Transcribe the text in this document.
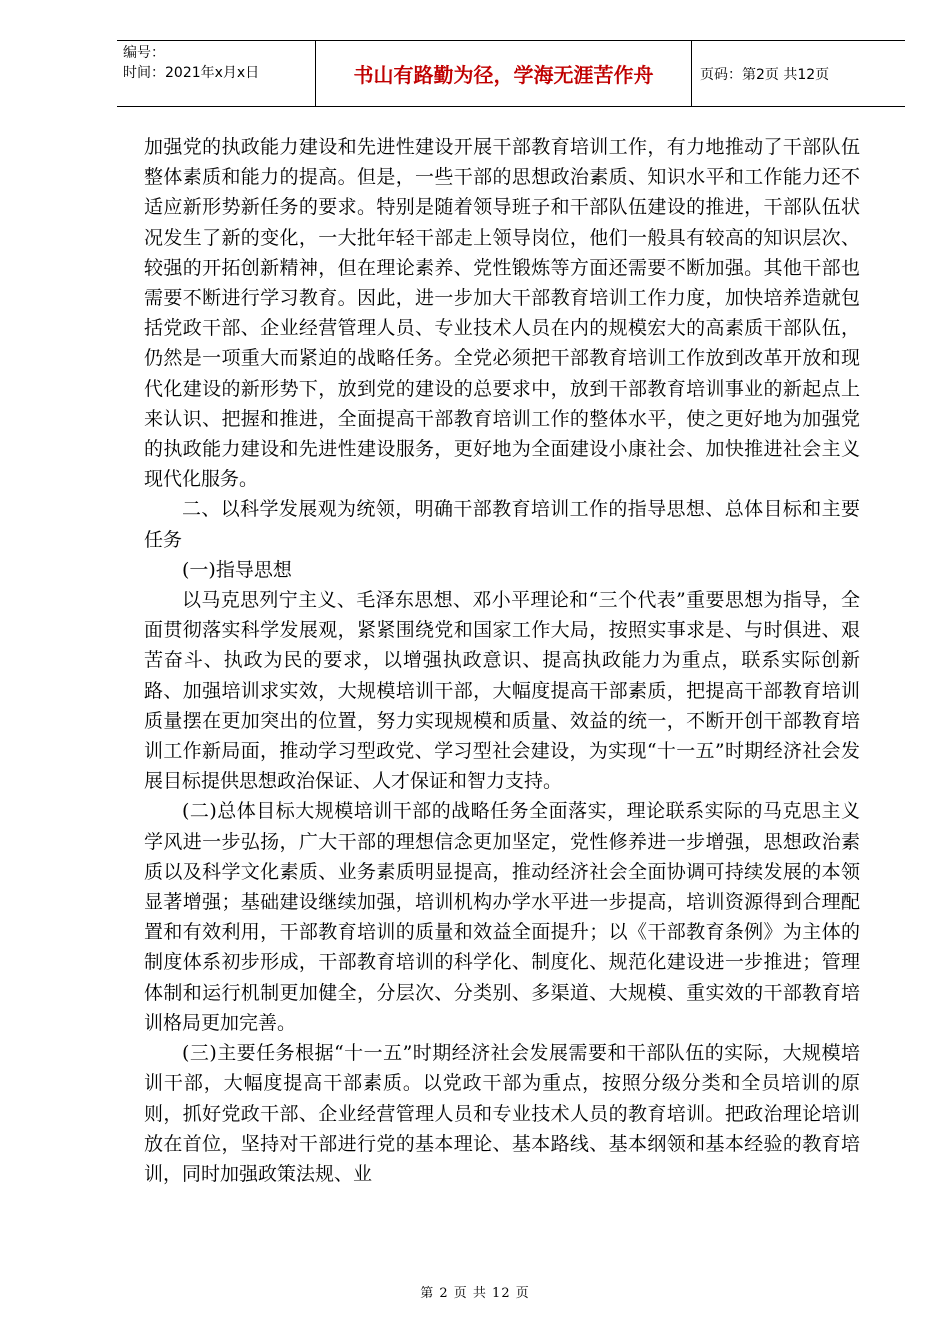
编号：
时间：2021年x月x日	书山有路勤为径，学海无涯苦作舟	页码：第2页 共12页

加强党的执政能力建设和先进性建设开展干部教育培训工作，有力地推动了干部队伍整体素质和能力的提高。但是，一些干部的思想政治素质、知识水平和工作能力还不适应新形势新任务的要求。特别是随着领导班子和干部队伍建设的推进，干部队伍状况发生了新的变化，一大批年轻干部走上领导岗位，他们一般具有较高的知识层次、较强的开拓创新精神，但在理论素养、党性锻炼等方面还需要不断加强。其他干部也需要不断进行学习教育。因此，进一步加大干部教育培训工作力度，加快培养造就包括党政干部、企业经营管理人员、专业技术人员在内的规模宏大的高素质干部队伍，仍然是一项重大而紧迫的战略任务。全党必须把干部教育培训工作放到改革开放和现代化建设的新形势下，放到党的建设的总要求中，放到干部教育培训事业的新起点上来认识、把握和推进，全面提高干部教育培训工作的整体水平，使之更好地为加强党的执政能力建设和先进性建设服务，更好地为全面建设小康社会、加快推进社会主义现代化服务。

二、以科学发展观为统领，明确干部教育培训工作的指导思想、总体目标和主要任务

(一)指导思想

以马克思列宁主义、毛泽东思想、邓小平理论和“三个代表”重要思想为指导，全面贯彻落实科学发展观，紧紧围绕党和国家工作大局，按照实事求是、与时俱进、艰苦奋斗、执政为民的要求，以增强执政意识、提高执政能力为重点，联系实际创新路、加强培训求实效，大规模培训干部，大幅度提高干部素质，把提高干部教育培训质量摆在更加突出的位置，努力实现规模和质量、效益的统一，不断开创干部教育培训工作新局面，推动学习型政党、学习型社会建设，为实现“十一五”时期经济社会发展目标提供思想政治保证、人才保证和智力支持。

(二)总体目标大规模培训干部的战略任务全面落实，理论联系实际的马克思主义学风进一步弘扬，广大干部的理想信念更加坚定，党性修养进一步增强，思想政治素质以及科学文化素质、业务素质明显提高，推动经济社会全面协调可持续发展的本领显著增强；基础建设继续加强，培训机构办学水平进一步提高，培训资源得到合理配置和有效利用，干部教育培训的质量和效益全面提升；以《干部教育条例》为主体的制度体系初步形成，干部教育培训的科学化、制度化、规范化建设进一步推进；管理体制和运行机制更加健全，分层次、分类别、多渠道、大规模、重实效的干部教育培训格局更加完善。

(三)主要任务根据“十一五”时期经济社会发展需要和干部队伍的实际，大规模培训干部，大幅度提高干部素质。以党政干部为重点，按照分级分类和全员培训的原则，抓好党政干部、企业经营管理人员和专业技术人员的教育培训。把政治理论培训放在首位，坚持对干部进行党的基本理论、基本路线、基本纲领和基本经验的教育培训，同时加强政策法规、业

第 2 页 共 12 页
